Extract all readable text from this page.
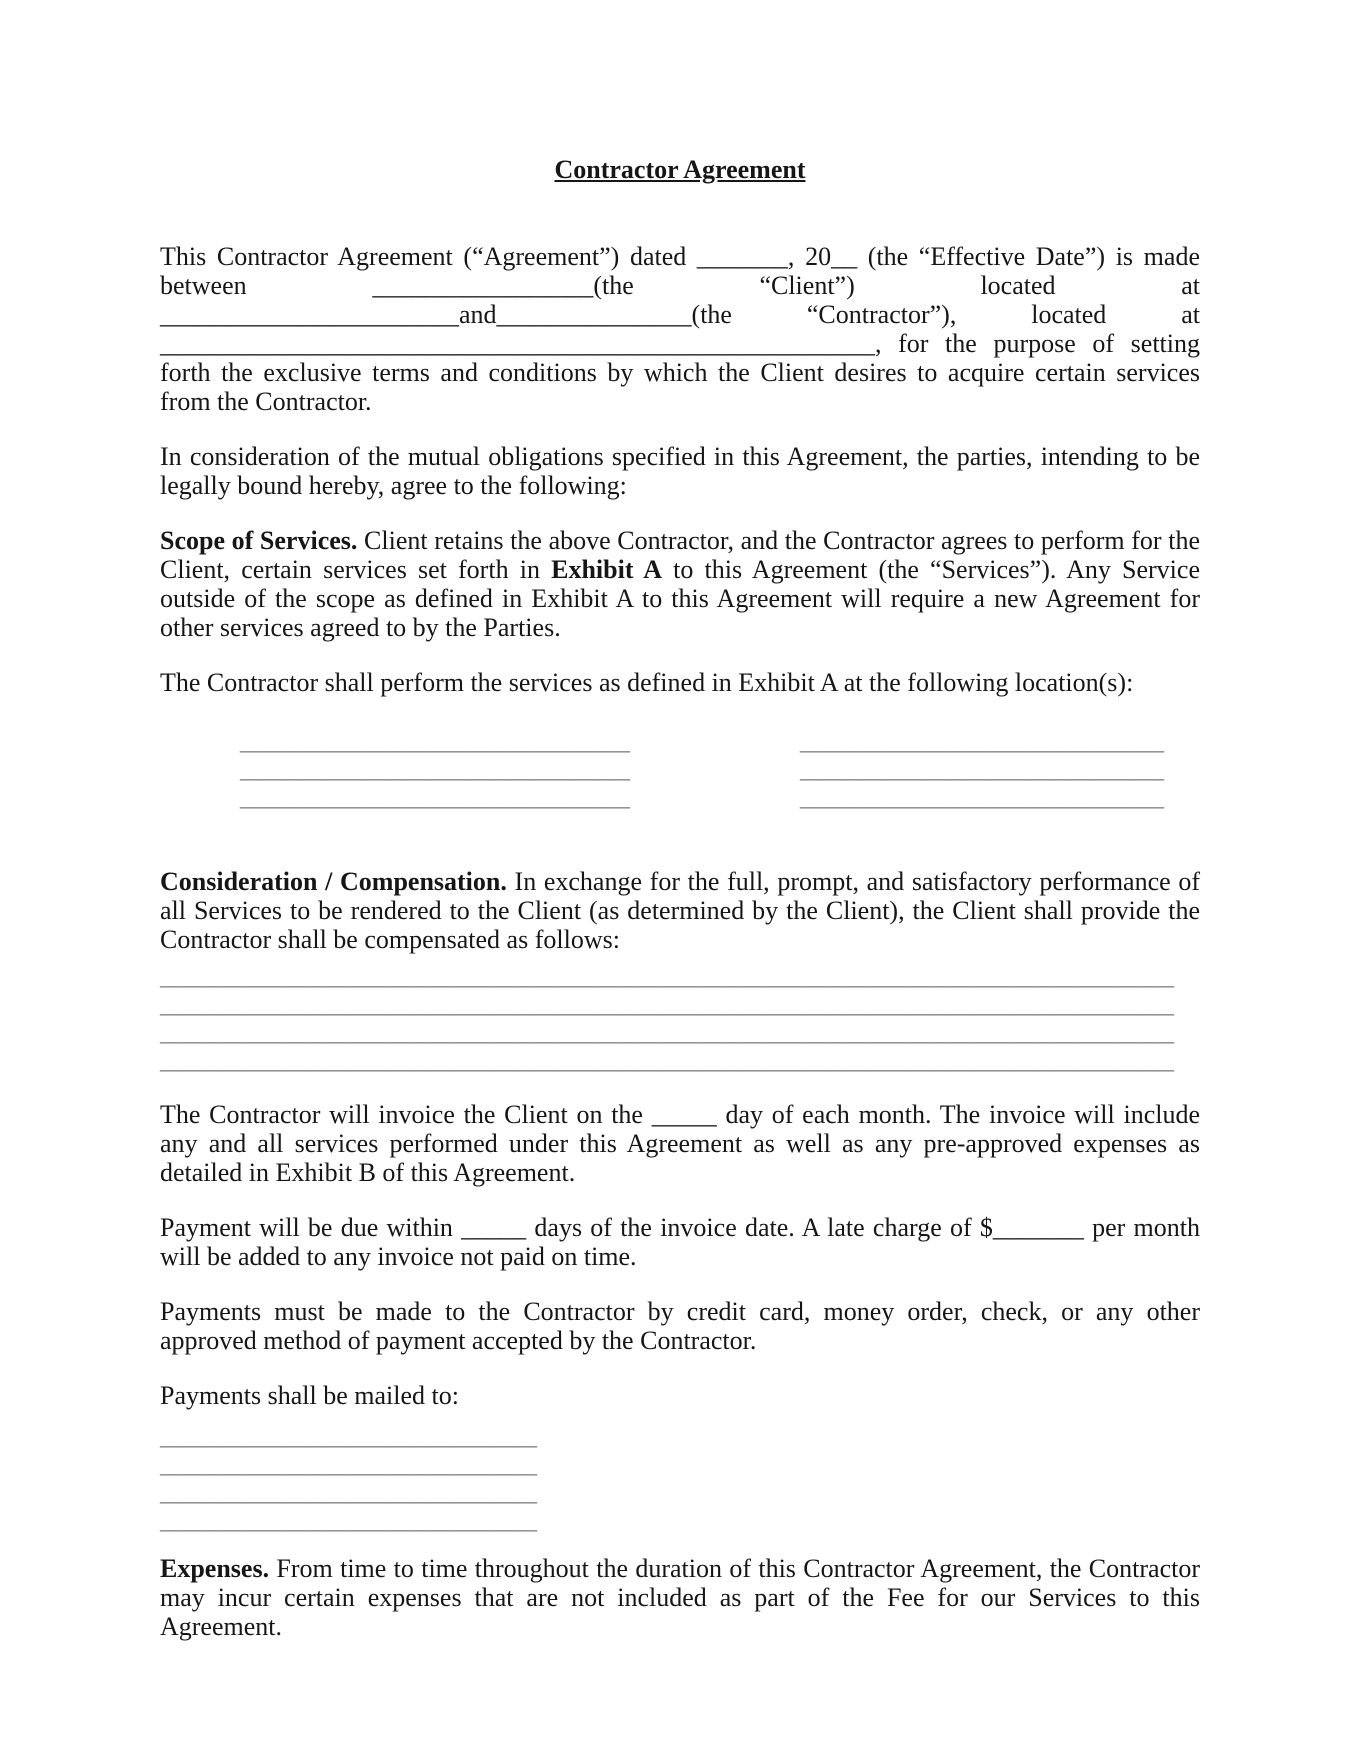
Contractor Agreement

This Contractor Agreement (“Agreement”) dated _______, 20__ (the “Effective Date”) is made between _________________(the “Client”) located at _______________________and_______________(the “Contractor”), located at _______________________________________________________, for the purpose of setting forth the exclusive terms and conditions by which the Client desires to acquire certain services from the Contractor.

In consideration of the mutual obligations specified in this Agreement, the parties, intending to be legally bound hereby, agree to the following:

Scope of Services. Client retains the above Contractor, and the Contractor agrees to perform for the Client, certain services set forth in Exhibit A to this Agreement (the “Services”). Any Service outside of the scope as defined in Exhibit A to this Agreement will require a new Agreement for other services agreed to by the Parties.

The Contractor shall perform the services as defined in Exhibit A at the following location(s):

______________________________	____________________________
______________________________	____________________________
______________________________	____________________________

Consideration / Compensation. In exchange for the full, prompt, and satisfactory performance of all Services to be rendered to the Client (as determined by the Client), the Client shall provide the Contractor shall be compensated as follows:

______________________________________________________________________________
______________________________________________________________________________
______________________________________________________________________________
______________________________________________________________________________

The Contractor will invoice the Client on the _____ day of each month. The invoice will include any and all services performed under this Agreement as well as any pre-approved expenses as detailed in Exhibit B of this Agreement.

Payment will be due within _____ days of the invoice date. A late charge of $_______ per month will be added to any invoice not paid on time.

Payments must be made to the Contractor by credit card, money order, check, or any other approved method of payment accepted by the Contractor.

Payments shall be mailed to:

_____________________________
_____________________________
_____________________________
_____________________________

Expenses. From time to time throughout the duration of this Contractor Agreement, the Contractor may incur certain expenses that are not included as part of the Fee for our Services to this Agreement.
